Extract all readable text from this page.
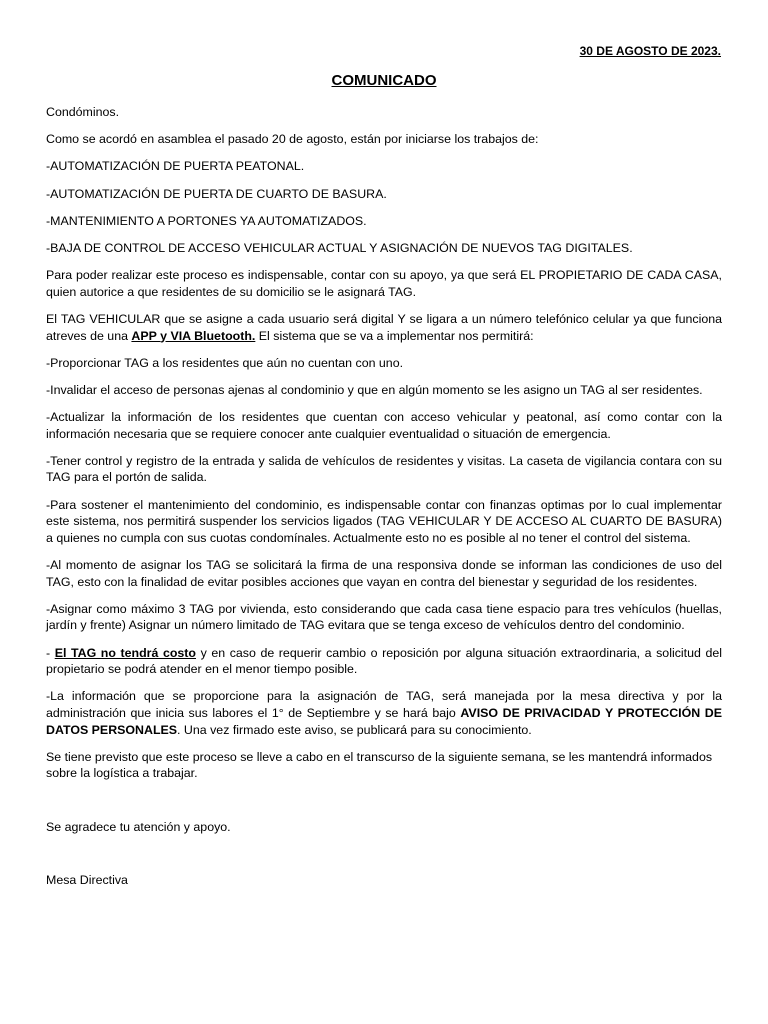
30 DE AGOSTO DE 2023.
COMUNICADO

Condóminos.

Como se acordó en asamblea el pasado 20 de agosto, están por iniciarse los trabajos de:

-AUTOMATIZACIÓN DE PUERTA PEATONAL.

-AUTOMATIZACIÓN DE PUERTA DE CUARTO DE BASURA.

-MANTENIMIENTO A PORTONES YA AUTOMATIZADOS.

-BAJA DE CONTROL DE ACCESO VEHICULAR ACTUAL Y ASIGNACIÓN DE NUEVOS TAG DIGITALES.

Para poder realizar este proceso es indispensable, contar con su apoyo, ya que será EL PROPIETARIO DE CADA CASA, quien autorice a que residentes de su domicilio se le asignará TAG.

El TAG VEHICULAR que se asigne a cada usuario será digital Y se ligara a un número telefónico celular ya que funciona atreves de una APP y VIA Bluetooth. El sistema que se va a implementar nos permitirá:

-Proporcionar TAG a los residentes que aún no cuentan con uno.

-Invalidar el acceso de personas ajenas al condominio y que en algún momento se les asigno un TAG al ser residentes.

-Actualizar la información de los residentes que cuentan con acceso vehicular y peatonal, así como contar con la información necesaria que se requiere conocer ante cualquier eventualidad o situación de emergencia.

-Tener control y registro de la entrada y salida de vehículos de residentes y visitas. La caseta de vigilancia contara con su TAG para el portón de salida.

-Para sostener el mantenimiento del condominio, es indispensable contar con finanzas optimas por lo cual implementar este sistema, nos permitirá suspender los servicios ligados (TAG VEHICULAR Y DE ACCESO AL CUARTO DE BASURA) a quienes no cumpla con sus cuotas condomínales. Actualmente esto no es posible al no tener el control del sistema.

-Al momento de asignar los TAG se solicitará la firma de una responsiva donde se informan las condiciones de uso del TAG, esto con la finalidad de evitar posibles acciones que vayan en contra del bienestar y seguridad de los residentes.

-Asignar como máximo 3 TAG por vivienda, esto considerando que cada casa tiene espacio para tres vehículos (huellas, jardín y frente) Asignar un número limitado de TAG evitara que se tenga exceso de vehículos dentro del condominio.

- El TAG no tendrá costo y en caso de requerir cambio o reposición por alguna situación extraordinaria, a solicitud del propietario se podrá atender en el menor tiempo posible.

-La información que se proporcione para la asignación de TAG, será manejada por la mesa directiva y por la administración que inicia sus labores el 1° de Septiembre y se hará bajo AVISO DE PRIVACIDAD Y PROTECCIÓN DE DATOS PERSONALES. Una vez firmado este aviso, se publicará para su conocimiento.

Se tiene previsto que este proceso se lleve a cabo en el transcurso de la siguiente semana, se les mantendrá informados sobre la logística a trabajar.

Se agradece tu atención y apoyo.

Mesa Directiva
